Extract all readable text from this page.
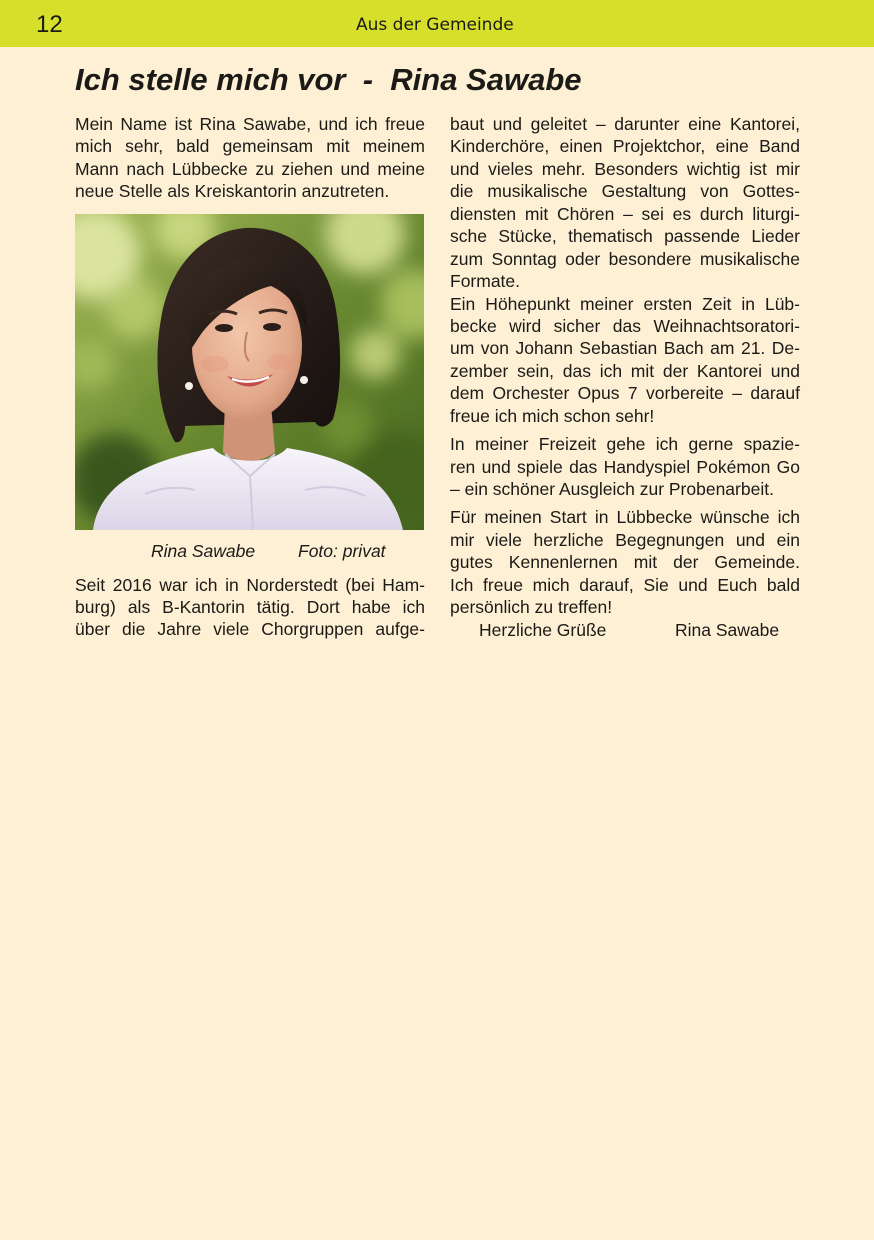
12	Aus der Gemeinde
Ich stelle mich vor  -  Rina Sawabe
Mein Name ist Rina Sawabe, und ich freue
mich sehr, bald gemeinsam mit meinem
Mann nach Lübbecke zu ziehen und meine
neue Stelle als Kreiskantorin anzutreten.
Rina Sawabe Foto: privat
Seit 2016 war ich in Norderstedt (bei Ham-
burg) als B-Kantorin tätig. Dort habe ich
über die Jahre viele Chorgruppen aufge-
baut und geleitet – darunter eine Kantorei,
Kinderchöre, einen Projektchor, eine Band
und vieles mehr. Besonders wichtig ist mir
die musikalische Gestaltung von Gottes-
diensten mit Chören – sei es durch liturgi-
sche Stücke, thematisch passende Lieder
zum Sonntag oder besondere musikalische
Formate.
Ein Höhepunkt meiner ersten Zeit in Lüb-
becke wird sicher das Weihnachtsoratori-
um von Johann Sebastian Bach am 21. De-
zember sein, das ich mit der Kantorei und
dem Orchester Opus 7 vorbereite – darauf
freue ich mich schon sehr!
In meiner Freizeit gehe ich gerne spazie-
ren und spiele das Handyspiel Pokémon Go
– ein schöner Ausgleich zur Probenarbeit.
Für meinen Start in Lübbecke wünsche ich
mir viele herzliche Begegnungen und ein
gutes Kennenlernen mit der Gemeinde.
Ich freue mich darauf, Sie und Euch bald
persönlich zu treffen!
Herzliche Grüße	Rina Sawabe
